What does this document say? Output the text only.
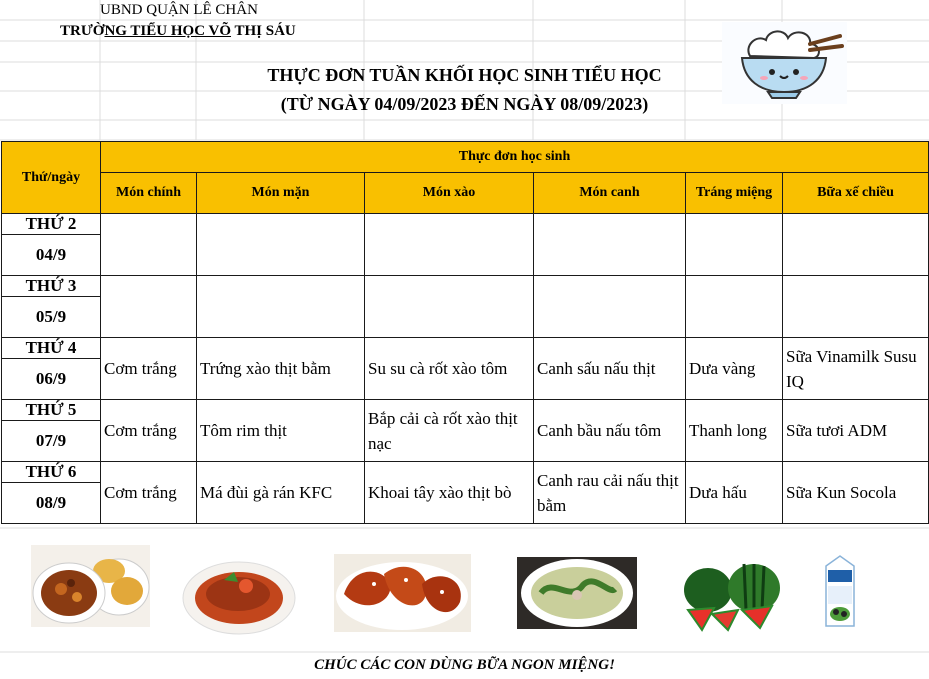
UBND QUẬN LÊ CHÂN
TRƯỜNG TIỂU HỌC VÕ THỊ SÁU
THỰC ĐƠN TUẦN KHỐI HỌC SINH TIỂU HỌC
(TỪ NGÀY 04/09/2023 ĐẾN NGÀY 08/09/2023)
Thứ/ngày	Thực đơn học sinh					
	Món chính	Món mặn	Món xào	Món canh	Tráng miệng	Bữa xế chiều
THỨ 2						
04/9						
THỨ 3						
05/9						
THỨ 4	Cơm trắng	Trứng xào thịt bằm	Su su cà rốt xào tôm	Canh sấu nấu thịt	Dưa vàng	Sữa Vinamilk Susu IQ
06/9						
THỨ 5	Cơm trắng	Tôm rim thịt	Bắp cải cà rốt xào thịt nạc	Canh bầu nấu tôm	Thanh long	Sữa tươi ADM
07/9						
THỨ 6	Cơm trắng	Má đùi gà rán KFC	Khoai tây xào thịt bò	Canh rau cải nấu thịt bằm	Dưa hấu	Sữa Kun Socola
08/9						
CHÚC CÁC CON DÙNG BỮA NGON MIỆNG!
